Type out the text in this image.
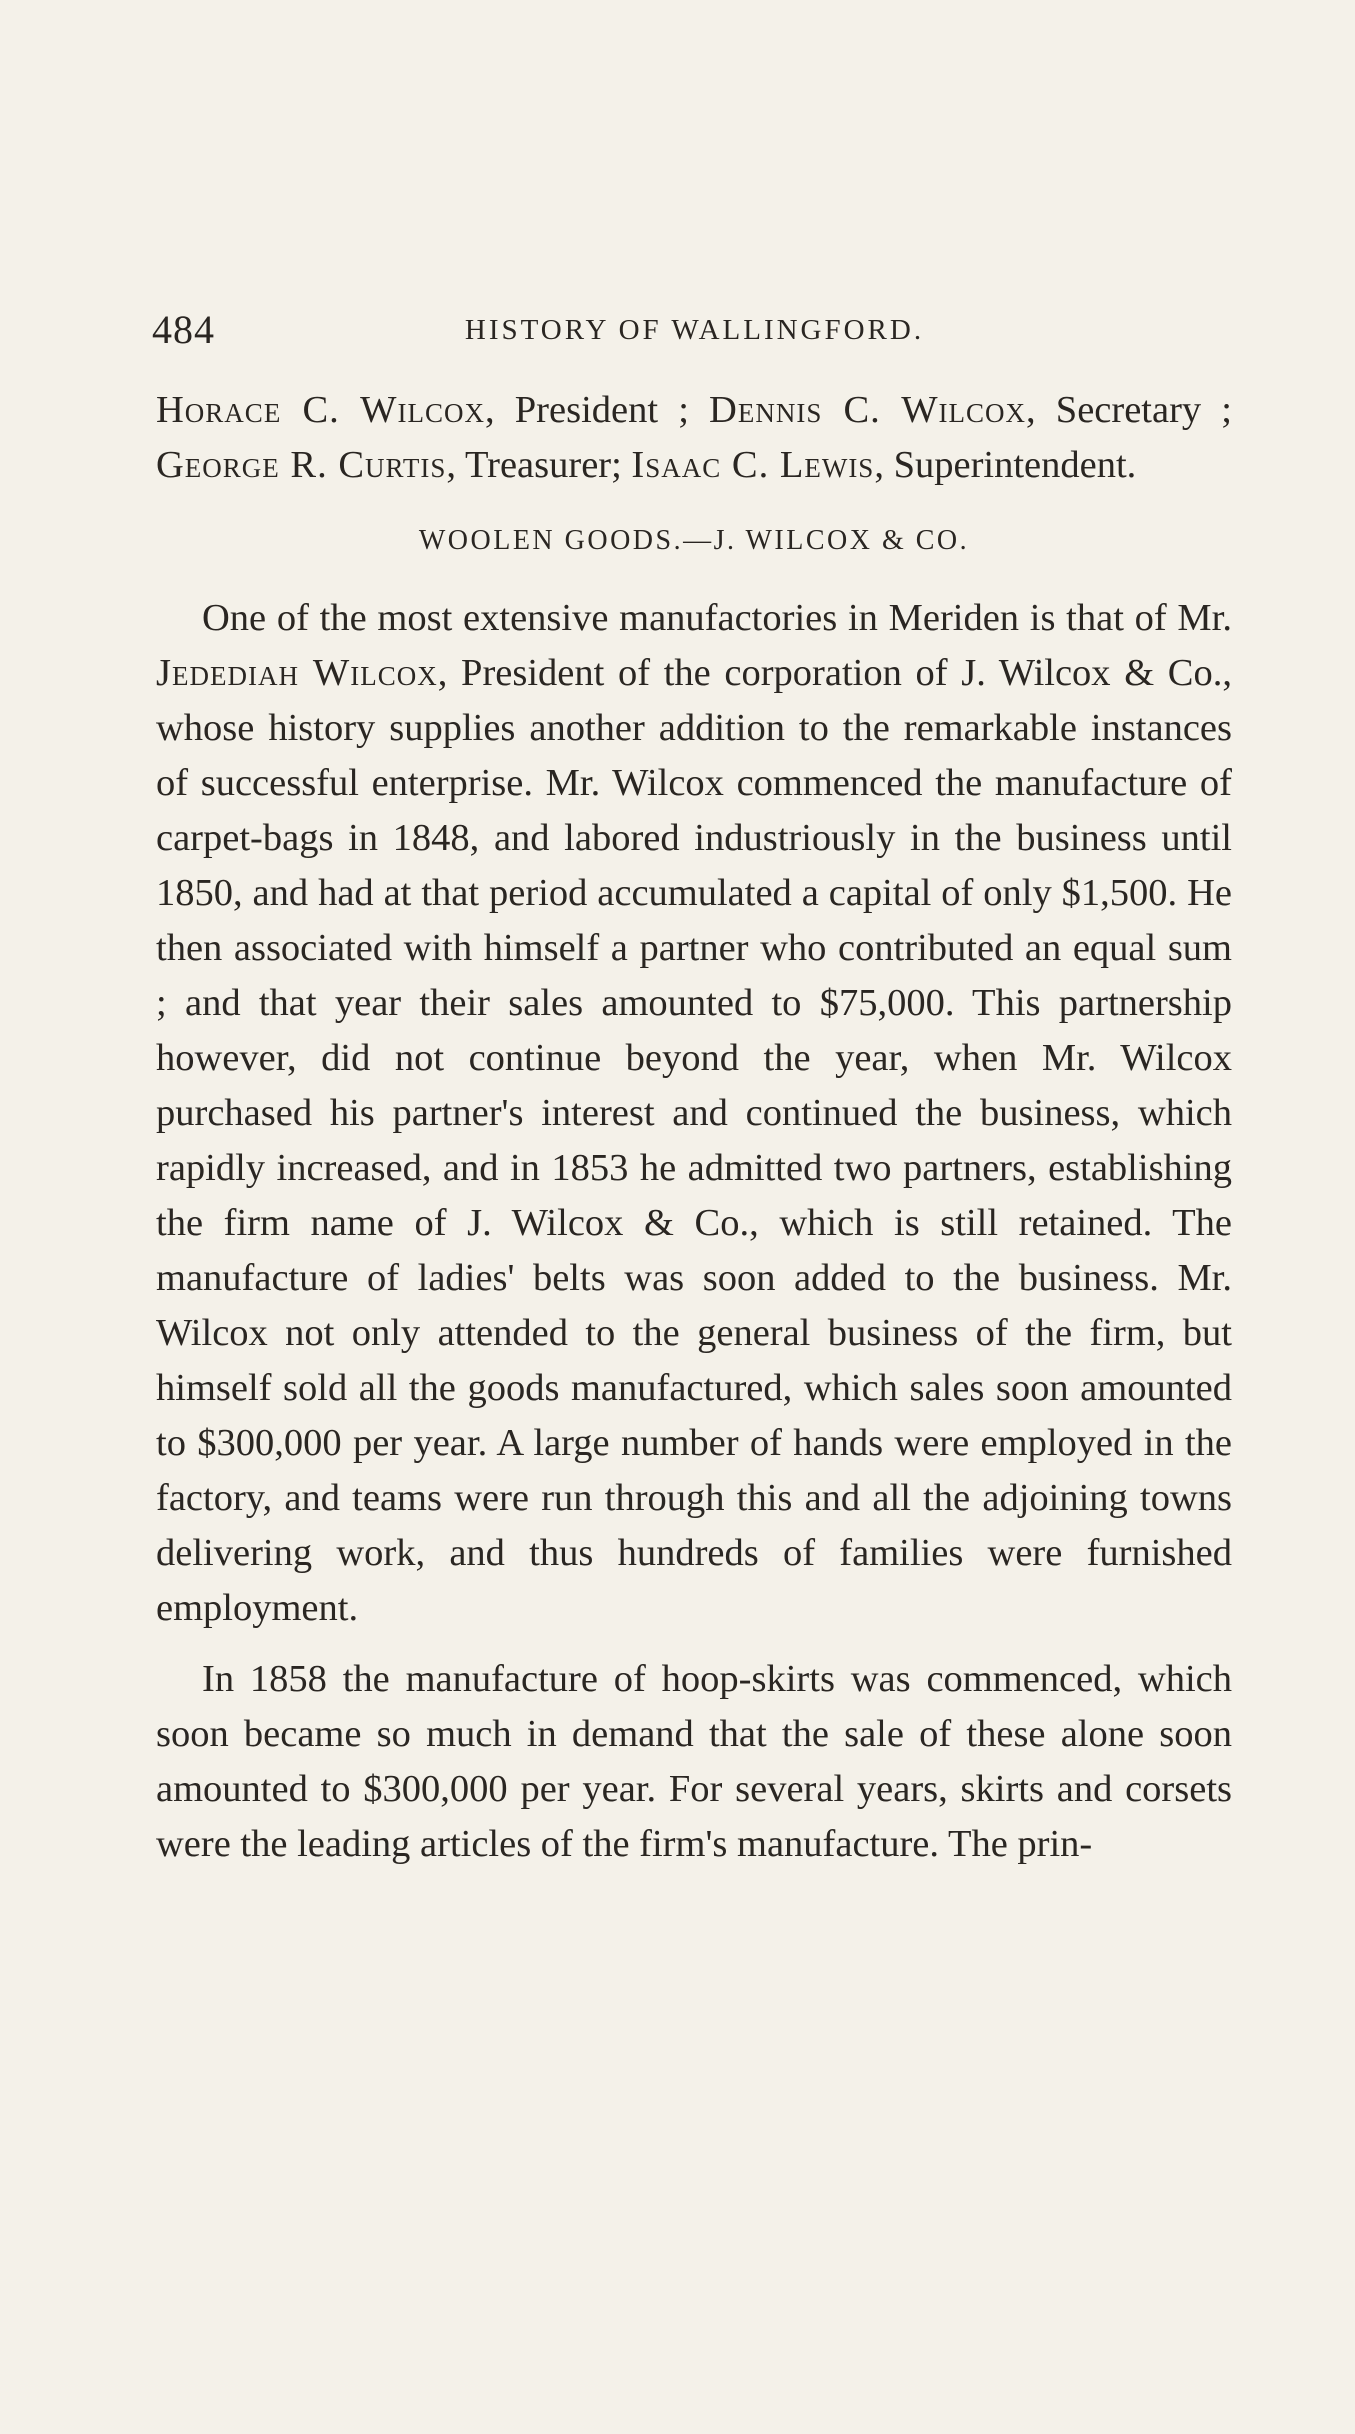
484	HISTORY OF WALLINGFORD.

Horace C. Wilcox, President ; Dennis C. Wilcox, Secretary ; George R. Curtis, Treasurer; Isaac C. Lewis, Superintendent.

WOOLEN GOODS.—J. WILCOX & CO.

One of the most extensive manufactories in Meriden is that of Mr. Jedediah Wilcox, President of the corporation of J. Wilcox & Co., whose history supplies another addition to the remarkable instances of successful enterprise. Mr. Wilcox commenced the manufacture of carpet-bags in 1848, and labored industriously in the business until 1850, and had at that period accumulated a capital of only $1,500. He then associated with himself a partner who contributed an equal sum ; and that year their sales amounted to $75,000. This partnership however, did not continue beyond the year, when Mr. Wilcox purchased his partner's interest and continued the business, which rapidly increased, and in 1853 he admitted two partners, establishing the firm name of J. Wilcox & Co., which is still retained. The manufacture of ladies' belts was soon added to the business. Mr. Wilcox not only attended to the general business of the firm, but himself sold all the goods manufactured, which sales soon amounted to $300,000 per year. A large number of hands were employed in the factory, and teams were run through this and all the adjoining towns delivering work, and thus hundreds of families were furnished employment.

In 1858 the manufacture of hoop-skirts was commenced, which soon became so much in demand that the sale of these alone soon amounted to $300,000 per year. For several years, skirts and corsets were the leading articles of the firm's manufacture. The prin-
